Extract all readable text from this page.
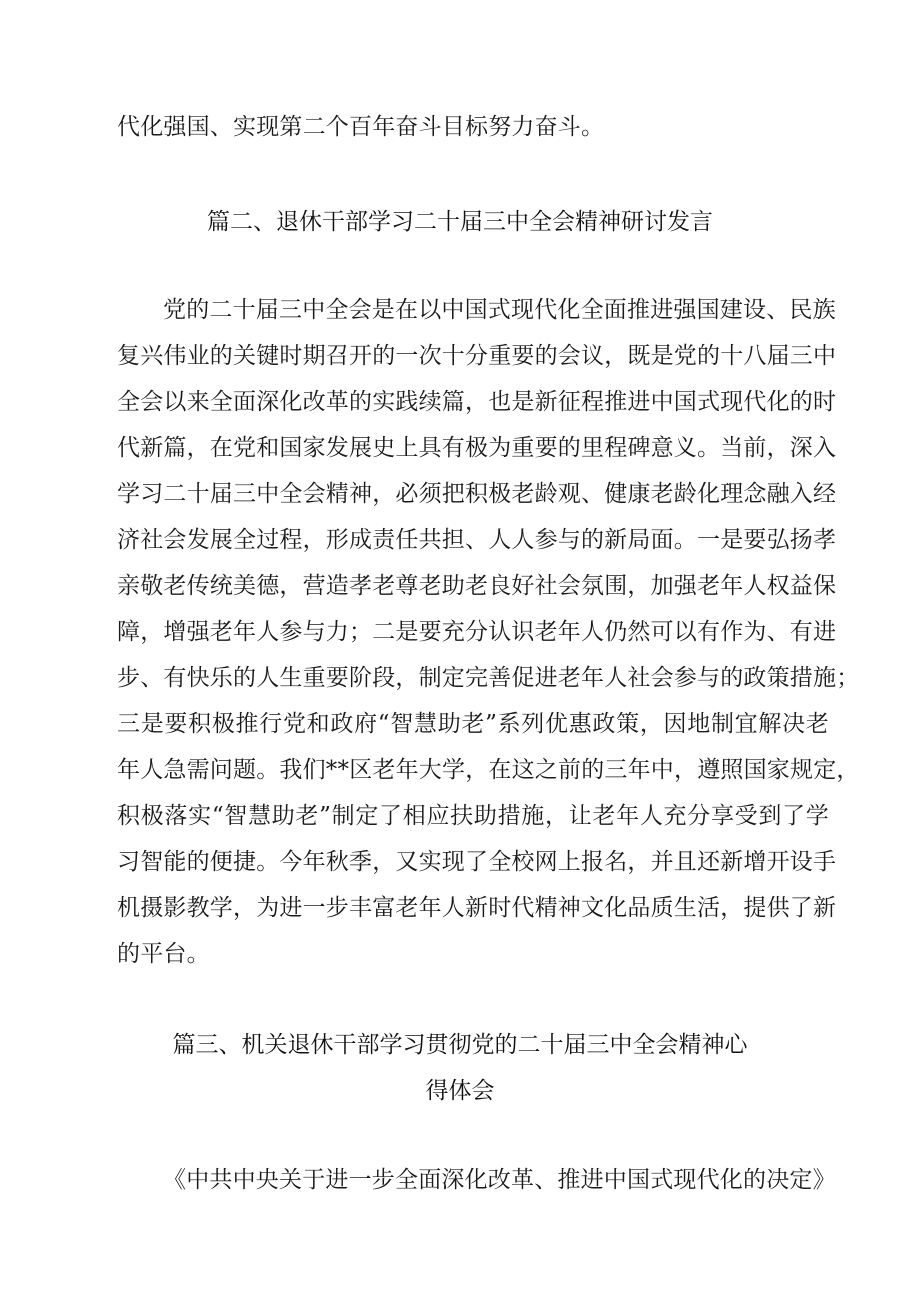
代化强国、实现第二个百年奋斗目标努力奋斗。
篇二、退休干部学习二十届三中全会精神研讨发言
党的二十届三中全会是在以中国式现代化全面推进强国建设、民族
复兴伟业的关键时期召开的一次十分重要的会议，既是党的十八届三中
全会以来全面深化改革的实践续篇，也是新征程推进中国式现代化的时
代新篇，在党和国家发展史上具有极为重要的里程碑意义。当前，深入
学习二十届三中全会精神，必须把积极老龄观、健康老龄化理念融入经
济社会发展全过程，形成责任共担、人人参与的新局面。一是要弘扬孝
亲敬老传统美德，营造孝老尊老助老良好社会氛围，加强老年人权益保
障，增强老年人参与力；二是要充分认识老年人仍然可以有作为、有进
步、有快乐的人生重要阶段，制定完善促进老年人社会参与的政策措施；
三是要积极推行党和政府“智慧助老”系列优惠政策，因地制宜解决老
年人急需问题。我们**区老年大学，在这之前的三年中，遵照国家规定，
积极落实“智慧助老”制定了相应扶助措施，让老年人充分享受到了学
习智能的便捷。今年秋季，又实现了全校网上报名，并且还新增开设手
机摄影教学，为进一步丰富老年人新时代精神文化品质生活，提供了新
的平台。
篇三、机关退休干部学习贯彻党的二十届三中全会精神心
得体会
《中共中央关于进一步全面深化改革、推进中国式现代化的决定》
